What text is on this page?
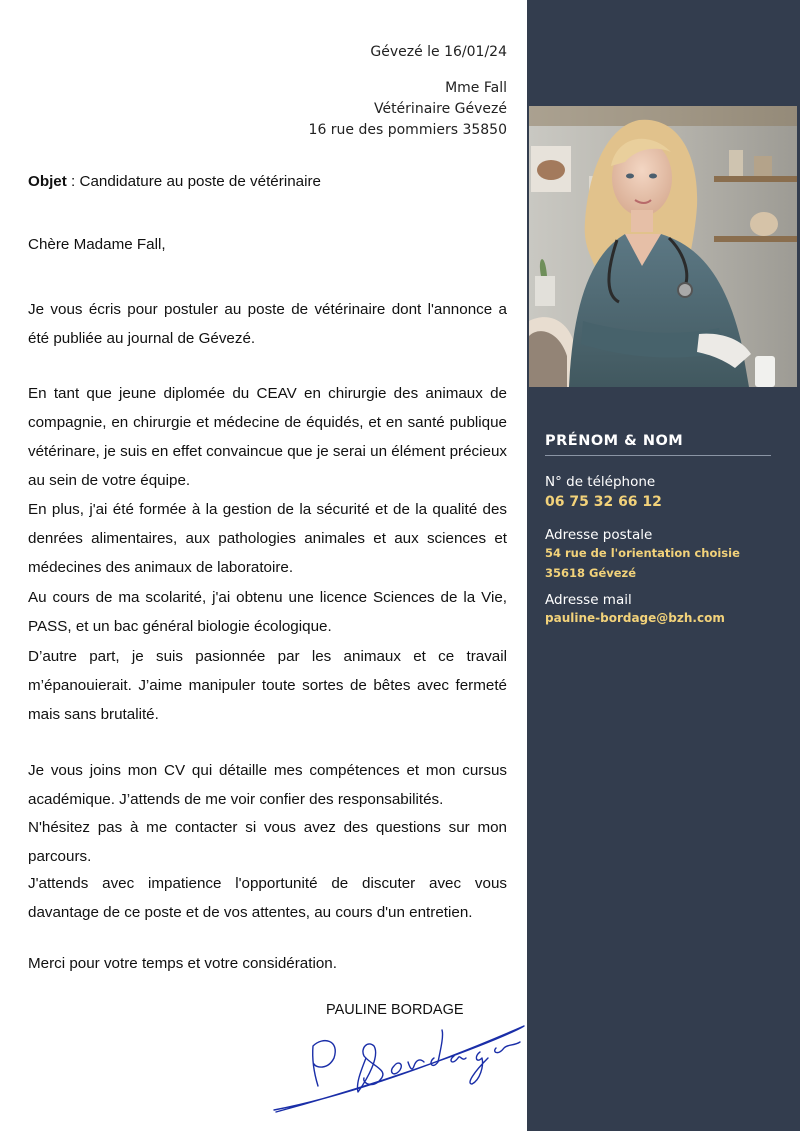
Gévezé le 16/01/24
Mme Fall
Vétérinaire Gévezé
16 rue des pommiers 35850

Objet : Candidature au poste de vétérinaire

Chère Madame Fall,

Je vous écris pour postuler au poste de vétérinaire dont l'annonce a été publiée au journal de Gévezé.

En tant que jeune diplomée du CEAV en chirurgie des animaux de compagnie, en chirurgie et médecine de équidés, et en santé publique vétérinare, je suis en effet convaincue que je serai un élément précieux au sein de votre équipe.

En plus, j'ai été formée à la gestion de la sécurité et de la qualité des denrées alimentaires, aux pathologies animales et aux sciences et médecines des animaux de laboratoire.

Au cours de ma scolarité, j'ai obtenu une licence Sciences de la Vie, PASS, et un bac général biologie écologique.

D’autre part, je suis pasionnée par les animaux et ce travail m’épanouierait. J’aime manipuler toute sortes de bêtes avec fermeté mais sans brutalité.

Je vous joins mon CV qui détaille mes compétences et mon cursus académique. J’attends de me voir confier des responsabilités.

N'hésitez pas à me contacter si vous avez des questions sur mon parcours.

J'attends avec impatience l'opportunité de discuter avec vous davantage de ce poste et de vos attentes, au cours d'un entretien.

Merci pour votre temps et votre considération.

PAULINE BORDAGE

PRÉNOM & NOM
N° de téléphone
06 75 32 66 12
Adresse postale
54 rue de l'orientation choisie
35618 Gévezé
Adresse mail
pauline-bordage@bzh.com
